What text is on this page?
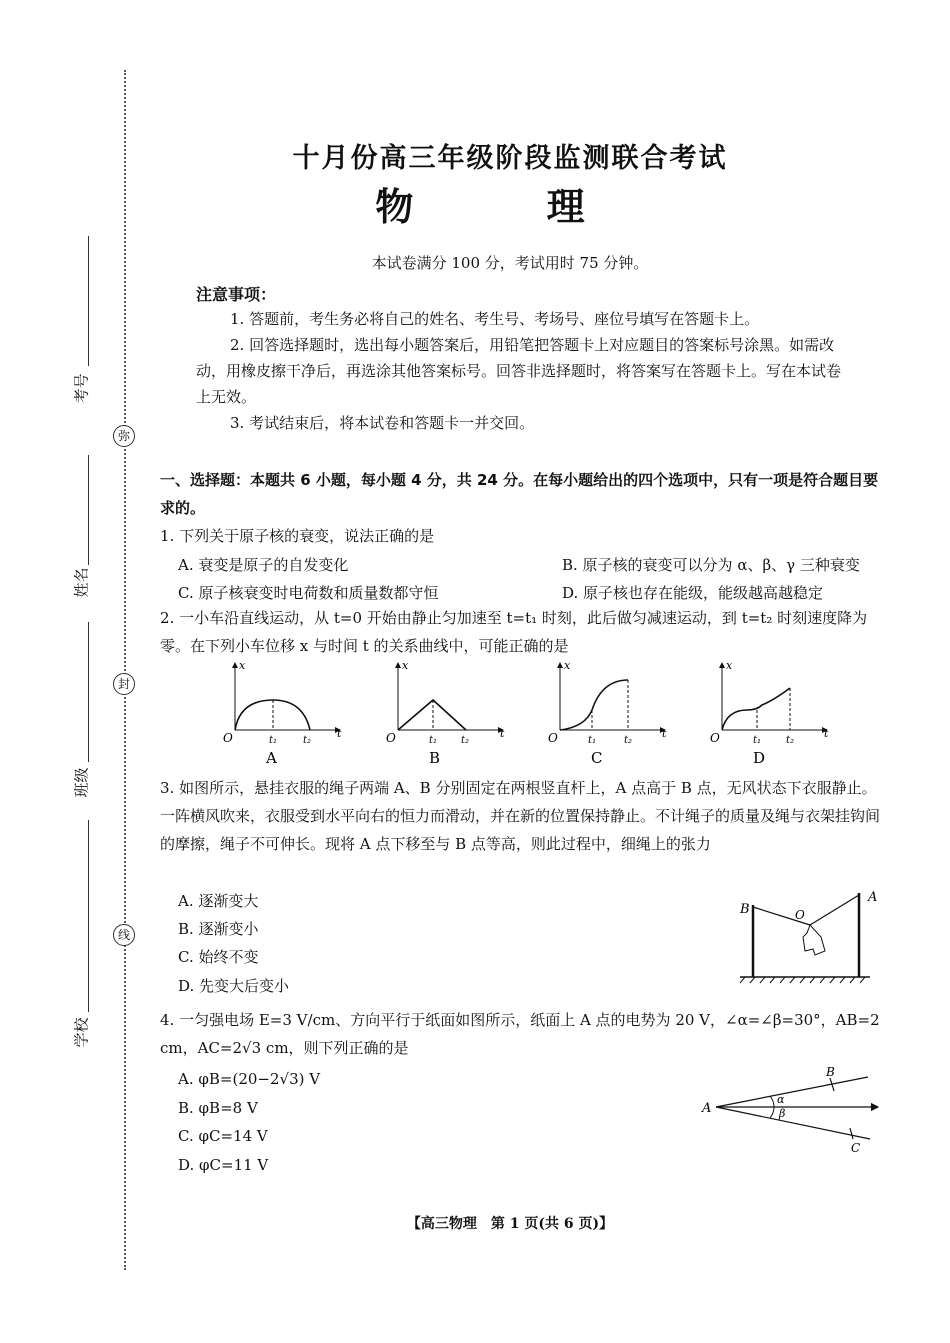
弥
封
线
考号
姓名
班级
学校
十月份高三年级阶段监测联合考试
物 理
本试卷满分 100 分，考试用时 75 分钟。
注意事项：
1. 答题前，考生务必将自己的姓名、考生号、考场号、座位号填写在答题卡上。
2. 回答选择题时，选出每小题答案后，用铅笔把答题卡上对应题目的答案标号涂黑。如需改动，用橡皮擦干净后，再选涂其他答案标号。回答非选择题时，将答案写在答题卡上。写在本试卷上无效。
3. 考试结束后，将本试卷和答题卡一并交回。
一、选择题：本题共 6 小题，每小题 4 分，共 24 分。在每小题给出的四个选项中，只有一项是符合题目要求的。
1. 下列关于原子核的衰变，说法正确的是
A. 衰变是原子的自发变化	B. 原子核的衰变可以分为 α、β、γ 三种衰变
C. 原子核衰变时电荷数和质量数都守恒	D. 原子核也存在能级，能级越高越稳定
2. 一小车沿直线运动，从 t=0 开始由静止匀加速至 t=t₁ 时刻，此后做匀减速运动，到 t=t₂ 时刻速度降为零。在下列小车位移 x 与时间 t 的关系曲线中，可能正确的是
O
x
t
t₁	t₂
A
O
x
t
t₁ t₂
B
O
x
t
t₁	t₂
C
O
x
t
t₁ t₂
D
3. 如图所示，悬挂衣服的绳子两端 A、B 分别固定在两根竖直杆上，A 点高于 B 点，无风状态下衣服静止。一阵横风吹来，衣服受到水平向右的恒力而滑动，并在新的位置保持静止。不计绳子的质量及绳与衣架挂钩间的摩擦，绳子不可伸长。现将 A 点下移至与 B 点等高，则此过程中，细绳上的张力
A. 逐渐变大
B. 逐渐变小
C. 始终不变
D. 先变大后变小
B
A
O
4. 一匀强电场 E=3 V/cm、方向平行于纸面如图所示，纸面上 A 点的电势为 20 V，∠α=∠β=30°，AB=2 cm，AC=2√3 cm，则下列正确的是
A. φB=(20−2√3) V
B. φB=8 V
C. φC=14 V
D. φC=11 V
A
B
C
α
β
【高三物理　第 1 页(共 6 页)】
